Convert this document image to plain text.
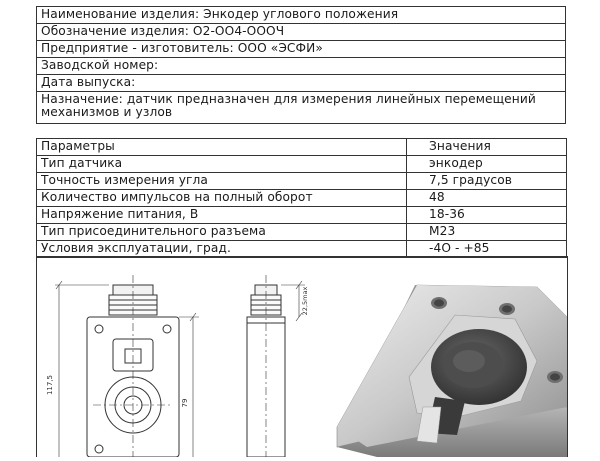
Наименование изделия: Энкодер углового положения
Обозначение изделия: О2-ОО4-ОООЧ
Предприятие - изготовитель: ООО «ЭСФИ»
Заводской номер:
Дата выпуска:
Назначение: датчик предназначен для измерения линейных перемещений механизмов и узлов
Параметры	Значения
Тип датчика	энкодер
Точность измерения угла	7,5 градусов
Количество импульсов на полный оборот	48
Напряжение питания, В	18-36
Тип присоединительного разъема	М23
Условия эксплуатации, град.	-4О - +85
117,5
79
22,5max
